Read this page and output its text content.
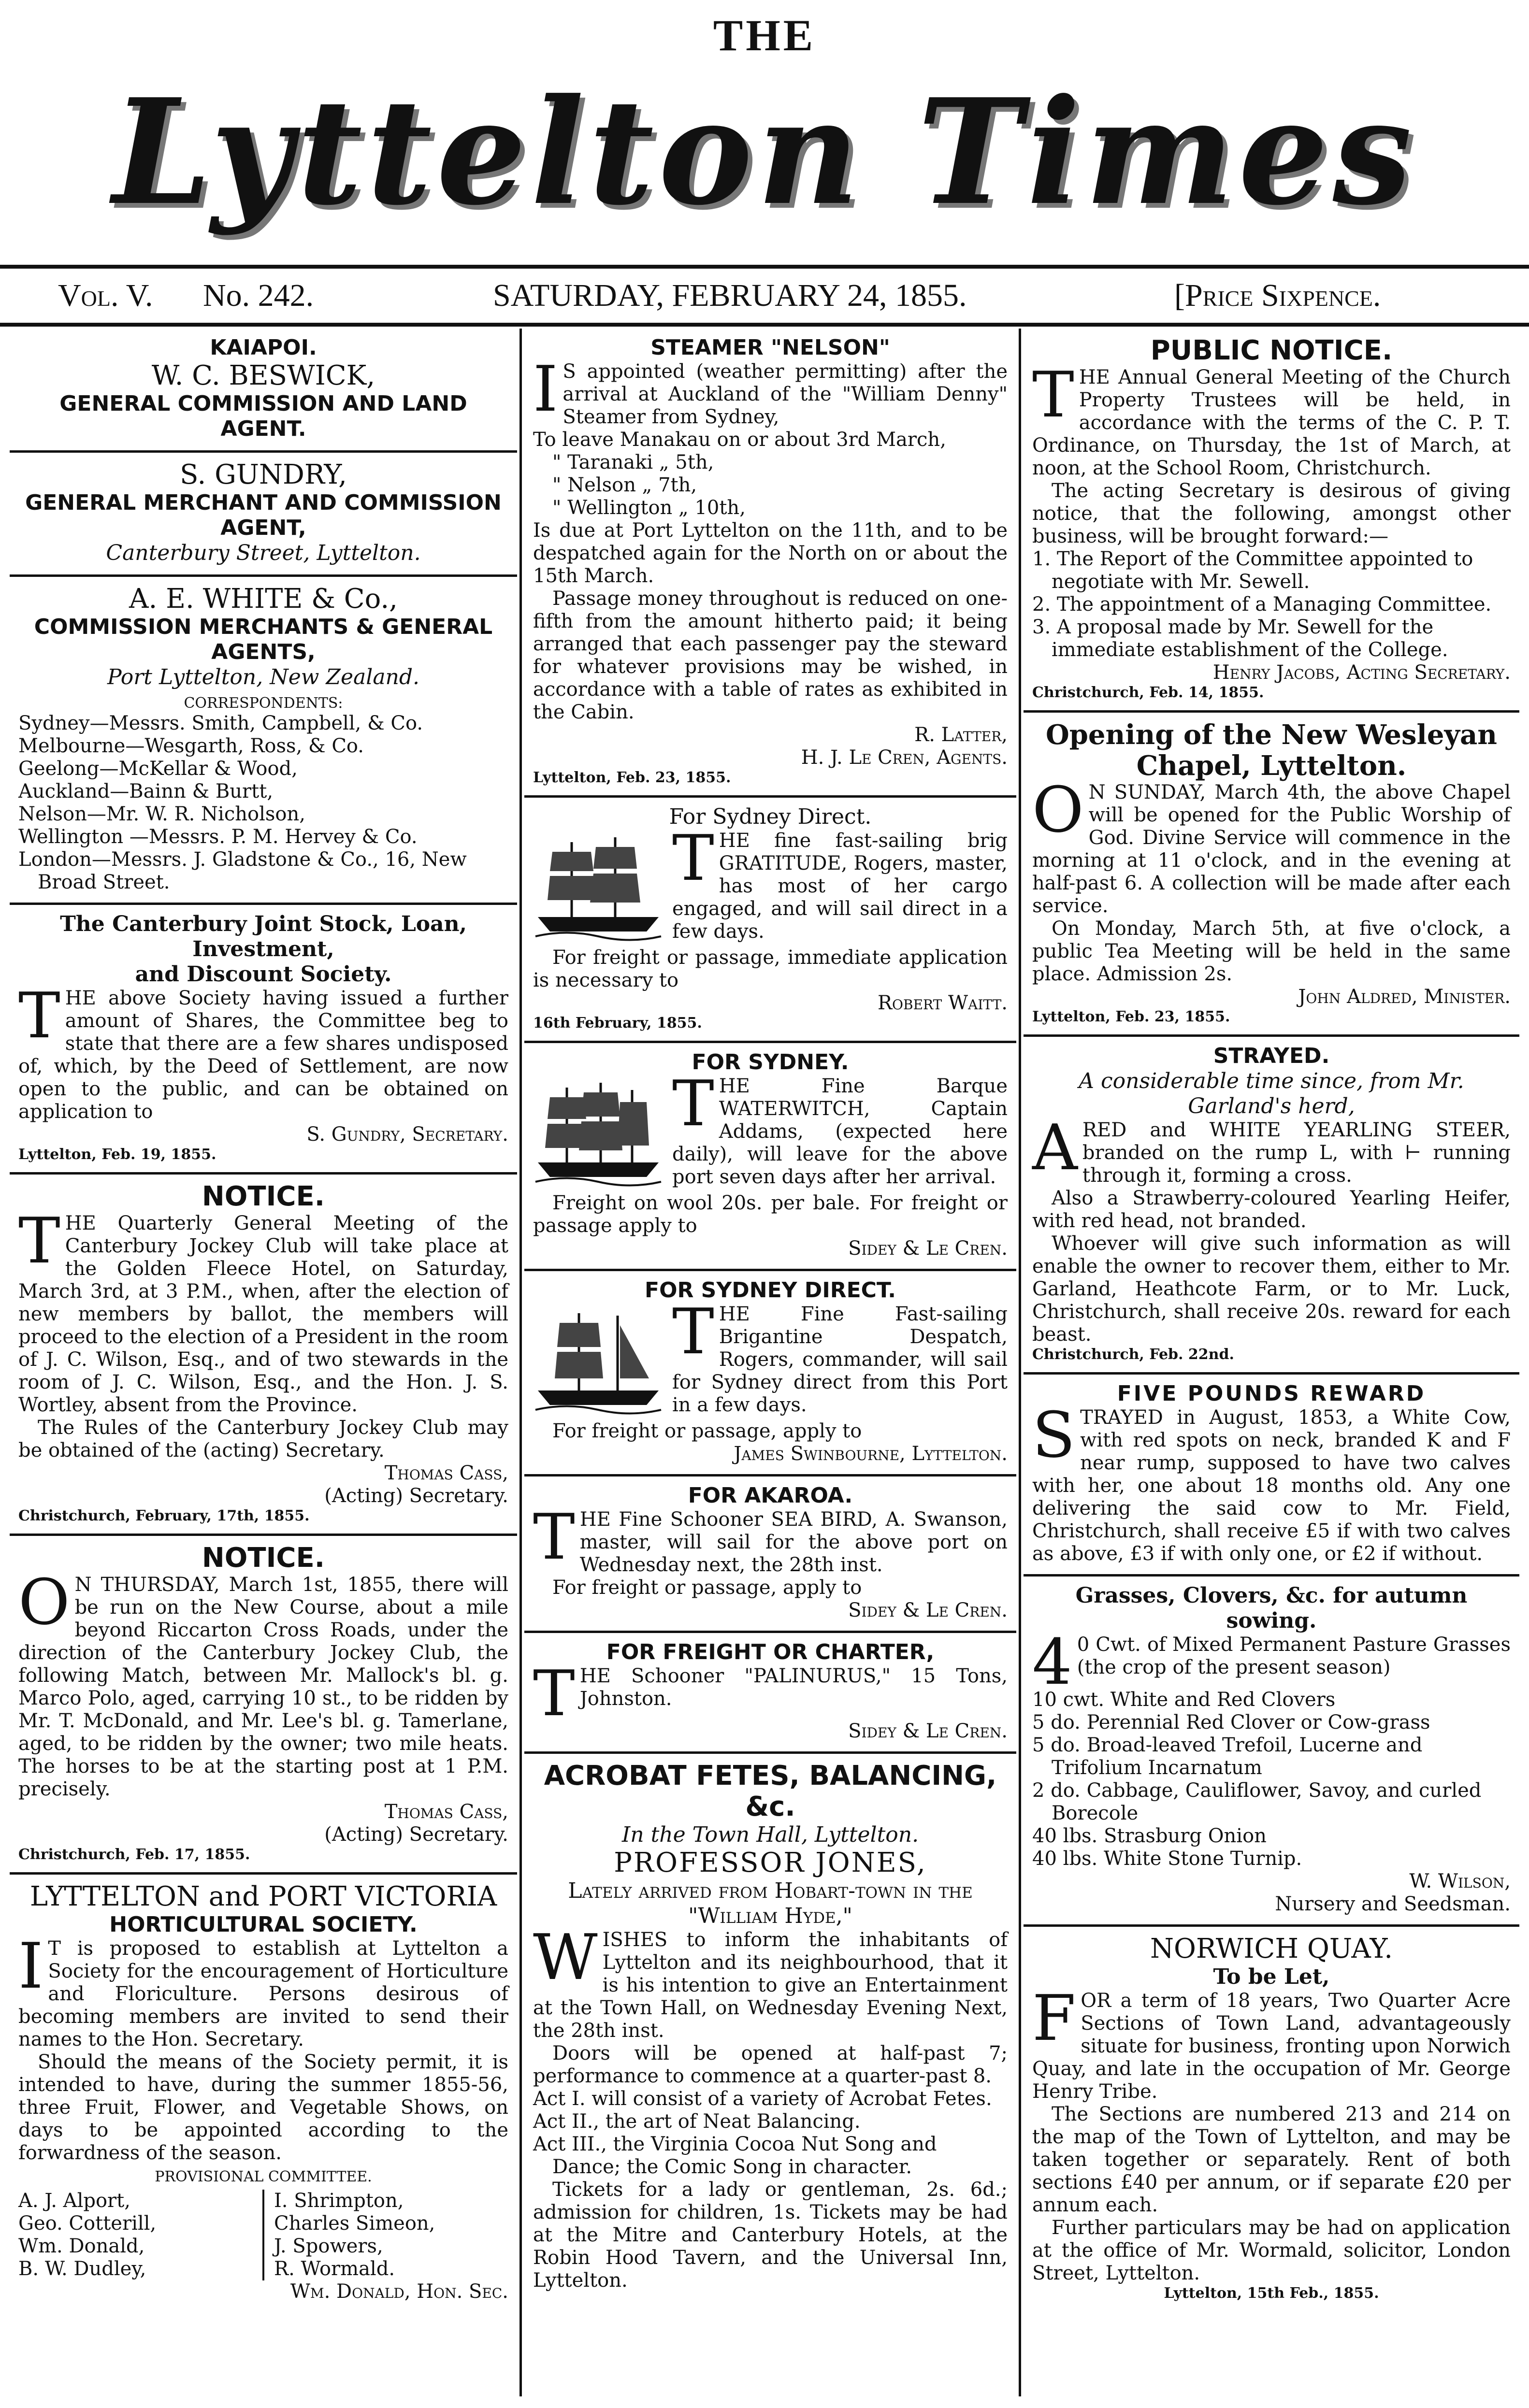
THE
Lyttelton Times
Vol. V. No. 242.	SATURDAY, FEBRUARY 24, 1855.	[Price Sixpence.
KAIAPOI.
W. C. BESWICK,
GENERAL COMMISSION AND LAND AGENT.
S. GUNDRY,
GENERAL MERCHANT AND COMMISSION AGENT,
Canterbury Street, Lyttelton.
A. E. WHITE & Co.,
COMMISSION MERCHANTS & GENERAL AGENTS,
Port Lyttelton, New Zealand.
CORRESPONDENTS:

Sydney—Messrs. Smith, Campbell, & Co.

Melbourne—Wesgarth, Ross, & Co.

Geelong—McKellar & Wood,

Auckland—Bainn & Burtt,

Nelson—Mr. W. R. Nicholson,

Wellington —Messrs. P. M. Hervey & Co.

London—Messrs. J. Gladstone & Co., 16, New Broad Street.

The Canterbury Joint Stock, Loan, Investment,
and Discount Society.

THE above Society having issued a further amount of Shares, the Committee beg to state that there are a few shares undisposed of, which, by the Deed of Settlement, are now open to the public, and can be obtained on application to

S. Gundry, Secretary.

Lyttelton, Feb. 19, 1855.
NOTICE.

THE Quarterly General Meeting of the Canterbury Jockey Club will take place at the Golden Fleece Hotel, on Saturday, March 3rd, at 3 P.M., when, after the election of new members by ballot, the members will proceed to the election of a President in the room of J. C. Wilson, Esq., and of two stewards in the room of J. C. Wilson, Esq., and the Hon. J. S. Wortley, absent from the Province.

The Rules of the Canterbury Jockey Club may be obtained of the (acting) Secretary.

Thomas Cass,

(Acting) Secretary.

Christchurch, February, 17th, 1855.
NOTICE.

ON THURSDAY, March 1st, 1855, there will be run on the New Course, about a mile beyond Riccarton Cross Roads, under the direction of the Canterbury Jockey Club, the following Match, between Mr. Mallock's bl. g. Marco Polo, aged, carrying 10 st., to be ridden by Mr. T. McDonald, and Mr. Lee's bl. g. Tamerlane, aged, to be ridden by the owner; two mile heats. The horses to be at the starting post at 1 P.M. precisely.

Thomas Cass,

(Acting) Secretary.

Christchurch, Feb. 17, 1855.
LYTTELTON and PORT VICTORIA
HORTICULTURAL SOCIETY.

IT is proposed to establish at Lyttelton a Society for the encouragement of Horticulture and Floriculture. Persons desirous of becoming members are invited to send their names to the Hon. Secretary.

Should the means of the Society permit, it is intended to have, during the summer 1855-56, three Fruit, Flower, and Vegetable Shows, on days to be appointed according to the forwardness of the season.

PROVISIONAL COMMITTEE.
A. J. Alport,
Geo. Cotterill,
Wm. Donald,
B. W. Dudley,
I. Shrimpton,
Charles Simeon,
J. Spowers,
R. Wormald.

Wm. Donald, Hon. Sec.

STEAMER "NELSON"

IS appointed (weather permitting) after the arrival at Auckland of the "William Denny" Steamer from Sydney,

To leave Manakau on or about 3rd March,

" Taranaki „ 5th,

" Nelson „ 7th,

" Wellington „ 10th,

Is due at Port Lyttelton on the 11th, and to be despatched again for the North on or about the 15th March.

Passage money throughout is reduced on one-fifth from the amount hitherto paid; it being arranged that each passenger pay the steward for whatever provisions may be wished, in accordance with a table of rates as exhibited in the Cabin.

R. Latter,

H. J. Le Cren, Agents.

Lyttelton, Feb. 23, 1855.
For Sydney Direct.

THE fine fast-sailing brig GRATITUDE, Rogers, master, has most of her cargo engaged, and will sail direct in a few days.

For freight or passage, immediate application is necessary to

Robert Waitt.

16th February, 1855.
FOR SYDNEY.

THE Fine Barque WATERWITCH, Captain Addams, (expected here daily), will leave for the above port seven days after her arrival.

Freight on wool 20s. per bale. For freight or passage apply to

Sidey & Le Cren.

FOR SYDNEY DIRECT.

THE Fine Fast-sailing Brigantine Despatch, Rogers, commander, will sail for Sydney direct from this Port in a few days.

For freight or passage, apply to

James Swinbourne, Lyttelton.

FOR AKAROA.

THE Fine Schooner SEA BIRD, A. Swanson, master, will sail for the above port on Wednesday next, the 28th inst.

For freight or passage, apply to

Sidey & Le Cren.

FOR FREIGHT OR CHARTER,

THE Schooner "PALINURUS," 15 Tons, Johnston.

Sidey & Le Cren.

ACROBAT FETES, BALANCING, &c.
In the Town Hall, Lyttelton.
PROFESSOR JONES,
Lately arrived from Hobart-town in the "William Hyde,"

WISHES to inform the inhabitants of Lyttelton and its neighbourhood, that it is his intention to give an Entertainment at the Town Hall, on Wednesday Evening Next, the 28th inst.

Doors will be opened at half-past 7; performance to commence at a quarter-past 8.

Act I. will consist of a variety of Acrobat Fetes.

Act II., the art of Neat Balancing.

Act III., the Virginia Cocoa Nut Song and Dance; the Comic Song in character.

Tickets for a lady or gentleman, 2s. 6d.; admission for children, 1s. Tickets may be had at the Mitre and Canterbury Hotels, at the Robin Hood Tavern, and the Universal Inn, Lyttelton.

PUBLIC NOTICE.

THE Annual General Meeting of the Church Property Trustees will be held, in accordance with the terms of the C. P. T. Ordinance, on Thursday, the 1st of March, at noon, at the School Room, Christchurch.

The acting Secretary is desirous of giving notice, that the following, amongst other business, will be brought forward:—

1. The Report of the Committee appointed to negotiate with Mr. Sewell.

2. The appointment of a Managing Committee.

3. A proposal made by Mr. Sewell for the immediate establishment of the College.

Henry Jacobs, Acting Secretary.

Christchurch, Feb. 14, 1855.
Opening of the New Wesleyan Chapel, Lyttelton.

ON SUNDAY, March 4th, the above Chapel will be opened for the Public Worship of God. Divine Service will commence in the morning at 11 o'clock, and in the evening at half-past 6. A collection will be made after each service.

On Monday, March 5th, at five o'clock, a public Tea Meeting will be held in the same place. Admission 2s.

John Aldred, Minister.

Lyttelton, Feb. 23, 1855.
STRAYED.
A considerable time since, from Mr. Garland's herd,

ARED and WHITE YEARLING STEER, branded on the rump L, with ⊢ running through it, forming a cross.

Also a Strawberry-coloured Yearling Heifer, with red head, not branded.

Whoever will give such information as will enable the owner to recover them, either to Mr. Garland, Heathcote Farm, or to Mr. Luck, Christchurch, shall receive 20s. reward for each beast.

Christchurch, Feb. 22nd.
FIVE POUNDS REWARD

STRAYED in August, 1853, a White Cow, with red spots on neck, branded K and F near rump, supposed to have two calves with her, one about 18 months old. Any one delivering the said cow to Mr. Field, Christchurch, shall receive £5 if with two calves as above, £3 if with only one, or £2 if without.

Grasses, Clovers, &c. for autumn sowing.

40 Cwt. of Mixed Permanent Pasture Grasses (the crop of the present season)

10 cwt. White and Red Clovers

5 do. Perennial Red Clover or Cow-grass

5 do. Broad-leaved Trefoil, Lucerne and Trifolium Incarnatum

2 do. Cabbage, Cauliflower, Savoy, and curled Borecole

40 lbs. Strasburg Onion

40 lbs. White Stone Turnip.

W. Wilson,

Nursery and Seedsman.

NORWICH QUAY.
To be Let,

FOR a term of 18 years, Two Quarter Acre Sections of Town Land, advantageously situate for business, fronting upon Norwich Quay, and late in the occupation of Mr. George Henry Tribe.

The Sections are numbered 213 and 214 on the map of the Town of Lyttelton, and may be taken together or separately. Rent of both sections £40 per annum, or if separate £20 per annum each.

Further particulars may be had on application at the office of Mr. Wormald, solicitor, London Street, Lyttelton.

Lyttelton, 15th Feb., 1855.
